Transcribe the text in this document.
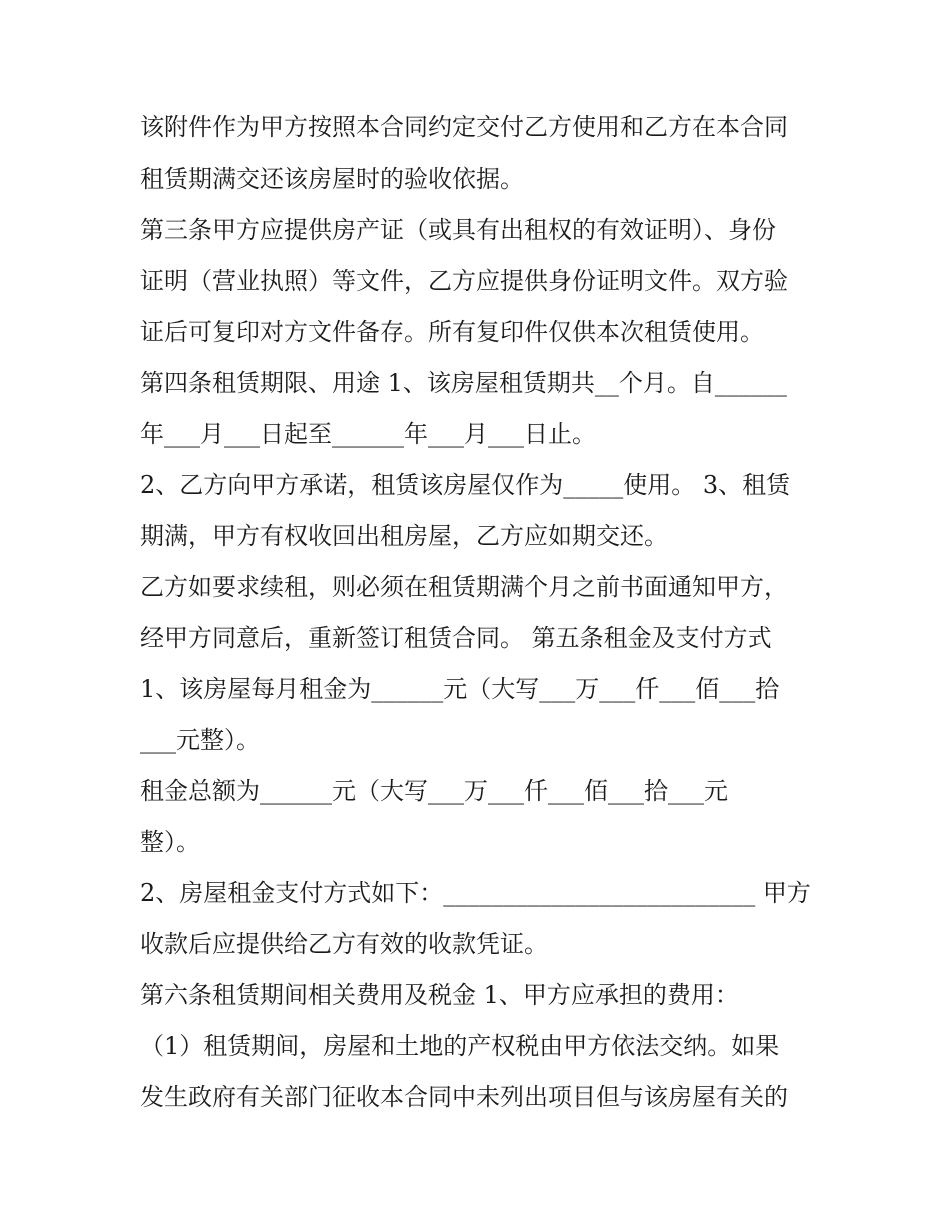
该附件作为甲方按照本合同约定交付乙方使用和乙方在本合同
租赁期满交还该房屋时的验收依据。
第三条甲方应提供房产证（或具有出租权的有效证明）、身份
证明（营业执照）等文件，乙方应提供身份证明文件。双方验
证后可复印对方文件备存。所有复印件仅供本次租赁使用。
第四条租赁期限、用途 1、该房屋租赁期共__个月。自______
年___月___日起至______年___月___日止。
2、乙方向甲方承诺，租赁该房屋仅作为_____使用。 3、租赁
期满，甲方有权收回出租房屋，乙方应如期交还。
乙方如要求续租，则必须在租赁期满个月之前书面通知甲方，
经甲方同意后，重新签订租赁合同。 第五条租金及支付方式
1、该房屋每月租金为______元（大写___万___仟___佰___拾
___元整）。
租金总额为______元（大写___万___仟___佰___拾___元
整）。
2、房屋租金支付方式如下：__________________________ 甲方
收款后应提供给乙方有效的收款凭证。
第六条租赁期间相关费用及税金 1、甲方应承担的费用：
（1）租赁期间，房屋和土地的产权税由甲方依法交纳。如果
发生政府有关部门征收本合同中未列出项目但与该房屋有关的
